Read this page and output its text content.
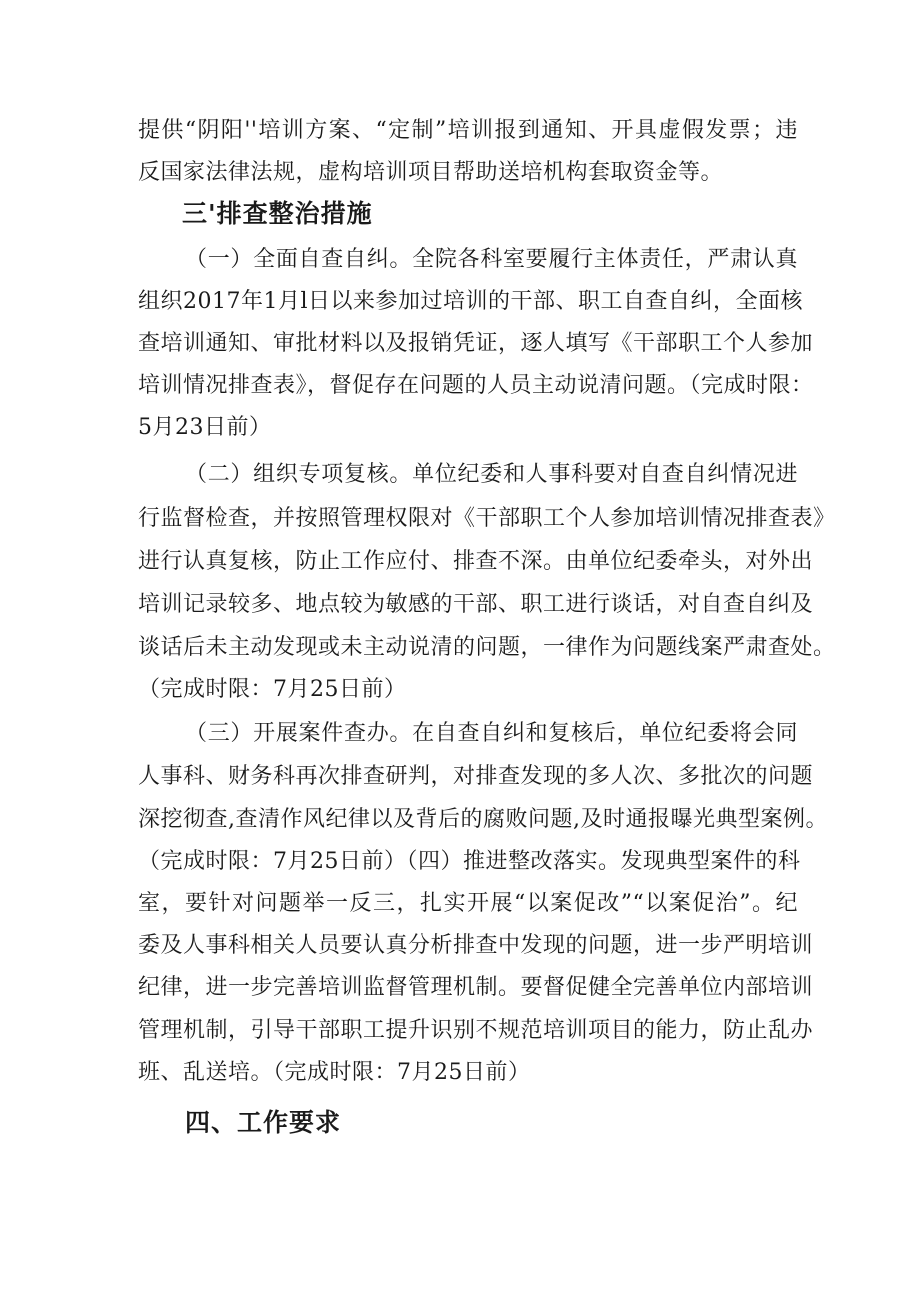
提供“阴阳''培训方案、“定制”培训报到通知、开具虚假发票；违
反国家法律法规，虚构培训项目帮助送培机构套取资金等。
三'排查整治措施
（一）全面自查自纠。全院各科室要履行主体责任，严肃认真
组织2017年1月l日以来参加过培训的干部、职工自查自纠，全面核
查培训通知、审批材料以及报销凭证，逐人填写《干部职工个人参加
培训情况排查表》，督促存在问题的人员主动说清问题。（完成时限：
5月23日前）
（二）组织专项复核。单位纪委和人事科要对自查自纠情况进
行监督检查，并按照管理权限对《干部职工个人参加培训情况排查表》
进行认真复核，防止工作应付、排查不深。由单位纪委牵头，对外出
培训记录较多、地点较为敏感的干部、职工进行谈话，对自查自纠及
谈话后未主动发现或未主动说清的问题，一律作为问题线案严肃查处。
（完成时限：7月25日前）
（三）开展案件查办。在自查自纠和复核后，单位纪委将会同
人事科、财务科再次排查研判，对排查发现的多人次、多批次的问题
深挖彻查,查清作风纪律以及背后的腐败问题,及时通报曝光典型案例。
（完成时限：7月25日前）（四）推进整改落实。发现典型案件的科
室，要针对问题举一反三，扎实开展“以案促改”“以案促治”。纪
委及人事科相关人员要认真分析排查中发现的问题，进一步严明培训
纪律，进一步完善培训监督管理机制。要督促健全完善单位内部培训
管理机制，引导干部职工提升识别不规范培训项目的能力，防止乱办
班、乱送培。（完成时限：7月25日前）
四、工作要求
